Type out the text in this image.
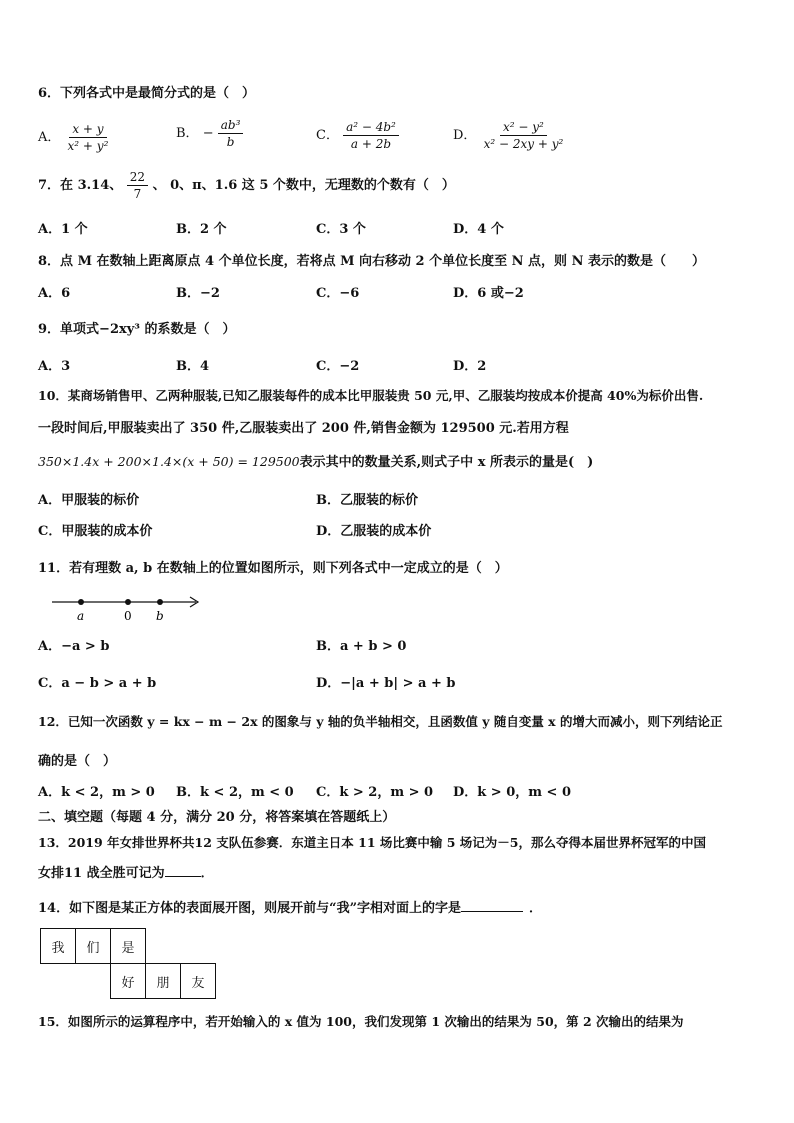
6．下列各式中是最简分式的是（　）
A． $\frac{x + y}{\text{x² + y²}}$	B． − $\frac{\text{ab³}}{b}$	C． $\frac{\text{a² − 4b²}}{a + 2b}$	D． $\frac{\text{x² − y²}}{\text{x² − 2xy + y²}}$
7．在 3.14、 $\frac{22}{7}$ 、 0、π、1.6 这 5 个数中，无理数的个数有（　）
A．1 个	B．2 个	C．3 个	D．4 个
8．点 M 在数轴上距离原点 4 个单位长度，若将点 M 向右移动 2 个单位长度至 N 点，则 N 表示的数是（　　）
A．6	B．−2	C．−6	D．6 或−2
9．单项式−2xy³ 的系数是（　）
A．3	B．4	C．−2	D．2
10．某商场销售甲、乙两种服装,已知乙服装每件的成本比甲服装贵 50 元,甲、乙服装均按成本价提高 40%为标价出售.
一段时间后,甲服装卖出了 350 件,乙服装卖出了 200 件,销售金额为 129500 元.若用方程
350×1.4x + 200×1.4×(x + 50) = 129500表示其中的数量关系,则式子中 x 所表示的量是(　)
A．甲服装的标价	B．乙服装的标价
C．甲服装的成本价	D．乙服装的成本价
11．若有理数 a, b 在数轴上的位置如图所示，则下列各式中一定成立的是（　）
a	0 b
A．−a > b	B．a + b > 0
C．a − b > a + b	D．−|a + b| > a + b
12．已知一次函数 y = kx − m − 2x 的图象与 y 轴的负半轴相交，且函数值 y 随自变量 x 的增大而减小，则下列结论正
确的是（　）
A．k < 2，m > 0 B．k < 2，m < 0 C．k > 2，m > 0 D．k > 0，m < 0
二、填空题（每题 4 分，满分 20 分，将答案填在答题纸上）
13．2019 年女排世界杯共12 支队伍参赛．东道主日本 11 场比赛中输 5 场记为－5，那么夺得本届世界杯冠军的中国
女排11 战全胜可记为	．
14．如下图是某正方体的表面展开图，则展开前与“我”字相对面上的字是	．
我	们	是		
		好	朋	友
15．如图所示的运算程序中，若开始输入的 x 值为 100，我们发现第 1 次输出的结果为 50，第 2 次输出的结果为
